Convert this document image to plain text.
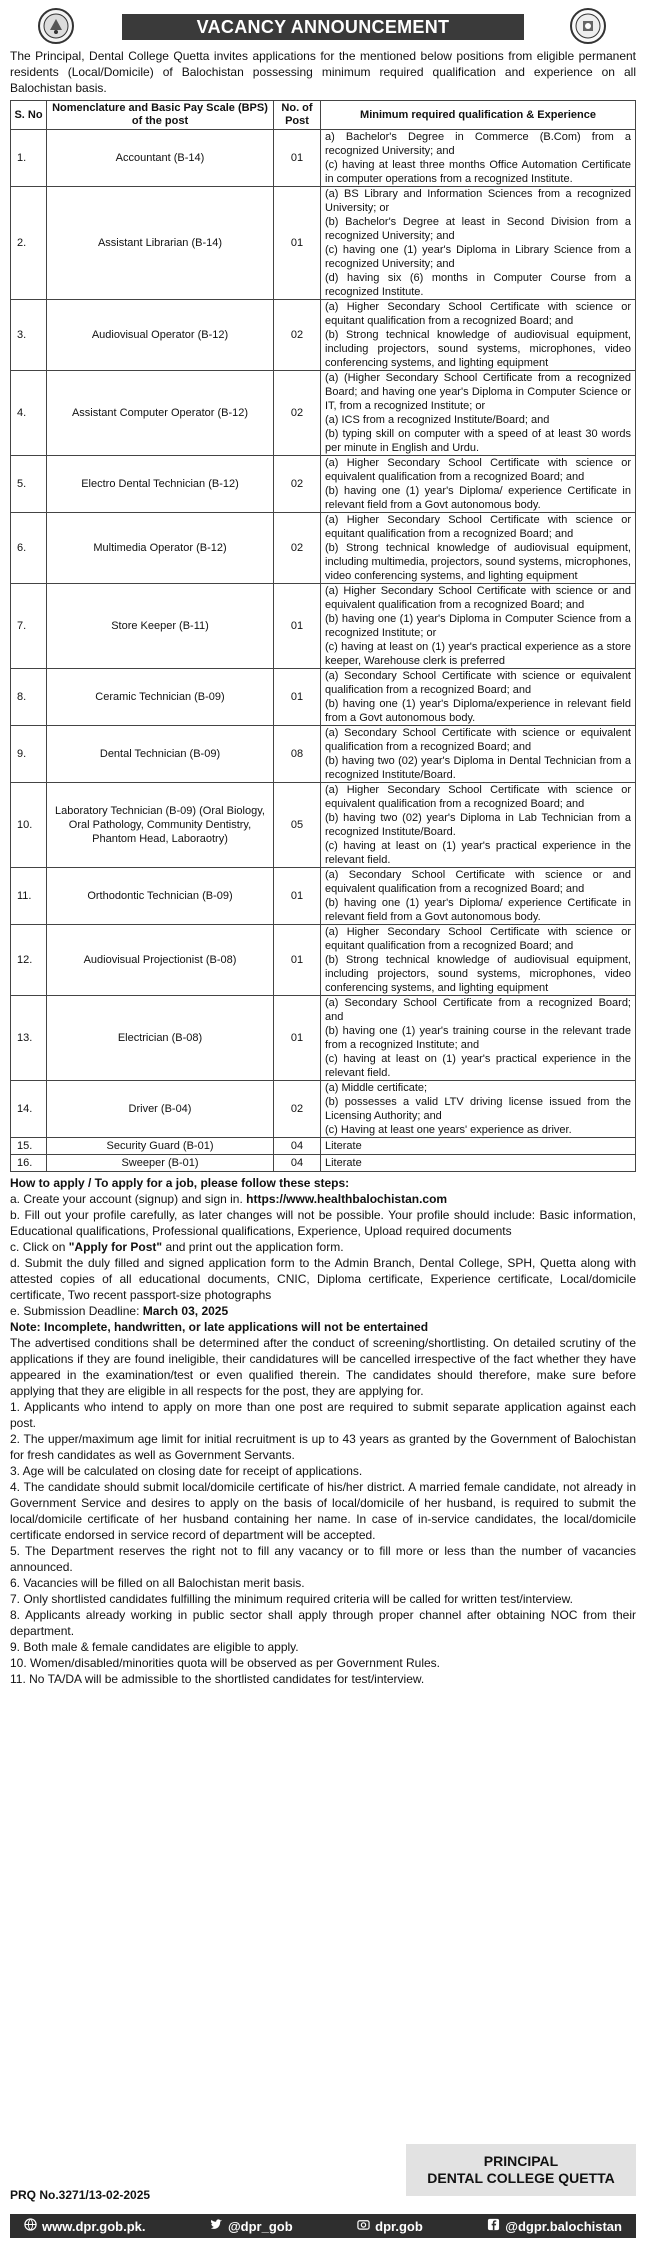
VACANCY ANNOUNCEMENT
The Principal, Dental College Quetta invites applications for the mentioned below positions from eligible permanent residents (Local/Domicile) of Balochistan possessing minimum required qualification and experience on all Balochistan basis.
S. No	Nomenclature and Basic Pay Scale (BPS) of the post	No. of Post	Minimum required qualification & Experience
1.	Accountant (B-14)	01	a) Bachelor's Degree in Commerce (B.Com) from a recognized University; and
(c) having at least three months Office Automation Certificate in computer operations from a recognized Institute.

2.	Assistant Librarian (B-14)	01	(a) BS Library and Information Sciences from a recognized University; or
(b) Bachelor's Degree at least in Second Division from a recognized University; and
(c) having one (1) year's Diploma in Library Science from a recognized University; and
(d) having six (6) months in Computer Course from a recognized Institute.

3.	Audiovisual Operator (B-12)	02	(a) Higher Secondary School Certificate with science or equitant qualification from a recognized Board; and
(b) Strong technical knowledge of audiovisual equipment, including projectors, sound systems, microphones, video conferencing systems, and lighting equipment

4.	Assistant Computer Operator (B-12)	02	(a) (Higher Secondary School Certificate from a recognized Board; and having one year's Diploma in Computer Science or IT, from a recognized Institute; or
(a) ICS from a recognized Institute/Board; and
(b) typing skill on computer with a speed of at least 30 words per minute in English and Urdu.

5.	Electro Dental Technician (B-12)	02	(a) Higher Secondary School Certificate with science or equivalent qualification from a recognized Board; and
(b) having one (1) year's Diploma/ experience Certificate in relevant field from a Govt autonomous body.

6.	Multimedia Operator (B-12)	02	(a) Higher Secondary School Certificate with science or equitant qualification from a recognized Board; and
(b) Strong technical knowledge of audiovisual equipment, including multimedia, projectors, sound systems, microphones, video conferencing systems, and lighting equipment

7.	Store Keeper (B-11)	01	(a) Higher Secondary School Certificate with science or and equivalent qualification from a recognized Board; and
(b) having one (1) year's Diploma in Computer Science from a recognized Institute; or
(c) having at least on (1) year's practical experience as a store keeper, Warehouse clerk is preferred

8.	Ceramic Technician (B-09)	01	(a) Secondary School Certificate with science or equivalent qualification from a recognized Board; and
(b) having one (1) year's Diploma/experience in relevant field from a Govt autonomous body.

9.	Dental Technician (B-09)	08	(a) Secondary School Certificate with science or equivalent qualification from a recognized Board; and
(b) having two (02) year's Diploma in Dental Technician from a recognized Institute/Board.

10.	Laboratory Technician (B-09) (Oral Biology, Oral Pathology, Community Dentistry, Phantom Head, Laboraotry)	05	(a) Higher Secondary School Certificate with science or equivalent qualification from a recognized Board; and
(b) having two (02) year's Diploma in Lab Technician from a recognized Institute/Board.
(c) having at least on (1) year's practical experience in the relevant field.

11.	Orthodontic Technician (B-09)	01	(a) Secondary School Certificate with science or and equivalent qualification from a recognized Board; and
(b) having one (1) year's Diploma/ experience Certificate in relevant field from a Govt autonomous body.

12.	Audiovisual Projectionist (B-08)	01	(a) Higher Secondary School Certificate with science or equitant qualification from a recognized Board; and
(b) Strong technical knowledge of audiovisual equipment, including projectors, sound systems, microphones, video conferencing systems, and lighting equipment

13.	Electrician (B-08)	01	(a) Secondary School Certificate from a recognized Board; and
(b) having one (1) year's training course in the relevant trade from a recognized Institute; and
(c) having at least on (1) year's practical experience in the relevant field.

14.	Driver (B-04)	02	(a) Middle certificate;
(b) possesses a valid LTV driving license issued from the Licensing Authority; and
(c) Having at least one years' experience as driver.

15.	Security Guard (B-01)	04	Literate

16.	Sweeper (B-01)	04	Literate
How to apply / To apply for a job, please follow these steps:
a. Create your account (signup) and sign in. https://www.healthbalochistan.com
b. Fill out your profile carefully, as later changes will not be possible. Your profile should include: Basic information, Educational qualifications, Professional qualifications, Experience, Upload required documents
c. Click on "Apply for Post" and print out the application form.
d. Submit the duly filled and signed application form to the Admin Branch, Dental College, SPH, Quetta along with attested copies of all educational documents, CNIC, Diploma certificate, Experience certificate, Local/domicile certificate, Two recent passport-size photographs
e. Submission Deadline: March 03, 2025
Note: Incomplete, handwritten, or late applications will not be entertained
The advertised conditions shall be determined after the conduct of screening/shortlisting. On detailed scrutiny of the applications if they are found ineligible, their candidatures will be cancelled irrespective of the fact whether they have appeared in the examination/test or even qualified therein. The candidates should therefore, make sure before applying that they are eligible in all respects for the post, they are applying for.
1. Applicants who intend to apply on more than one post are required to submit separate application against each post.
2. The upper/maximum age limit for initial recruitment is up to 43 years as granted by the Government of Balochistan for fresh candidates as well as Government Servants.
3. Age will be calculated on closing date for receipt of applications.
4. The candidate should submit local/domicile certificate of his/her district. A married female candidate, not already in Government Service and desires to apply on the basis of local/domicile of her husband, is required to submit the local/domicile certificate of her husband containing her name. In case of in-service candidates, the local/domicile certificate endorsed in service record of department will be accepted.
5. The Department reserves the right not to fill any vacancy or to fill more or less than the number of vacancies announced.
6. Vacancies will be filled on all Balochistan merit basis.
7. Only shortlisted candidates fulfilling the minimum required criteria will be called for written test/interview.
8. Applicants already working in public sector shall apply through proper channel after obtaining NOC from their department.
9. Both male & female candidates are eligible to apply.
10. Women/disabled/minorities quota will be observed as per Government Rules.
11. No TA/DA will be admissible to the shortlisted candidates for test/interview.
PRINCIPAL
DENTAL COLLEGE QUETTA
PRQ No.3271/13-02-2025
www.dpr.gob.pk.	@dpr_gob	dpr.gob	@dgpr.balochistan
